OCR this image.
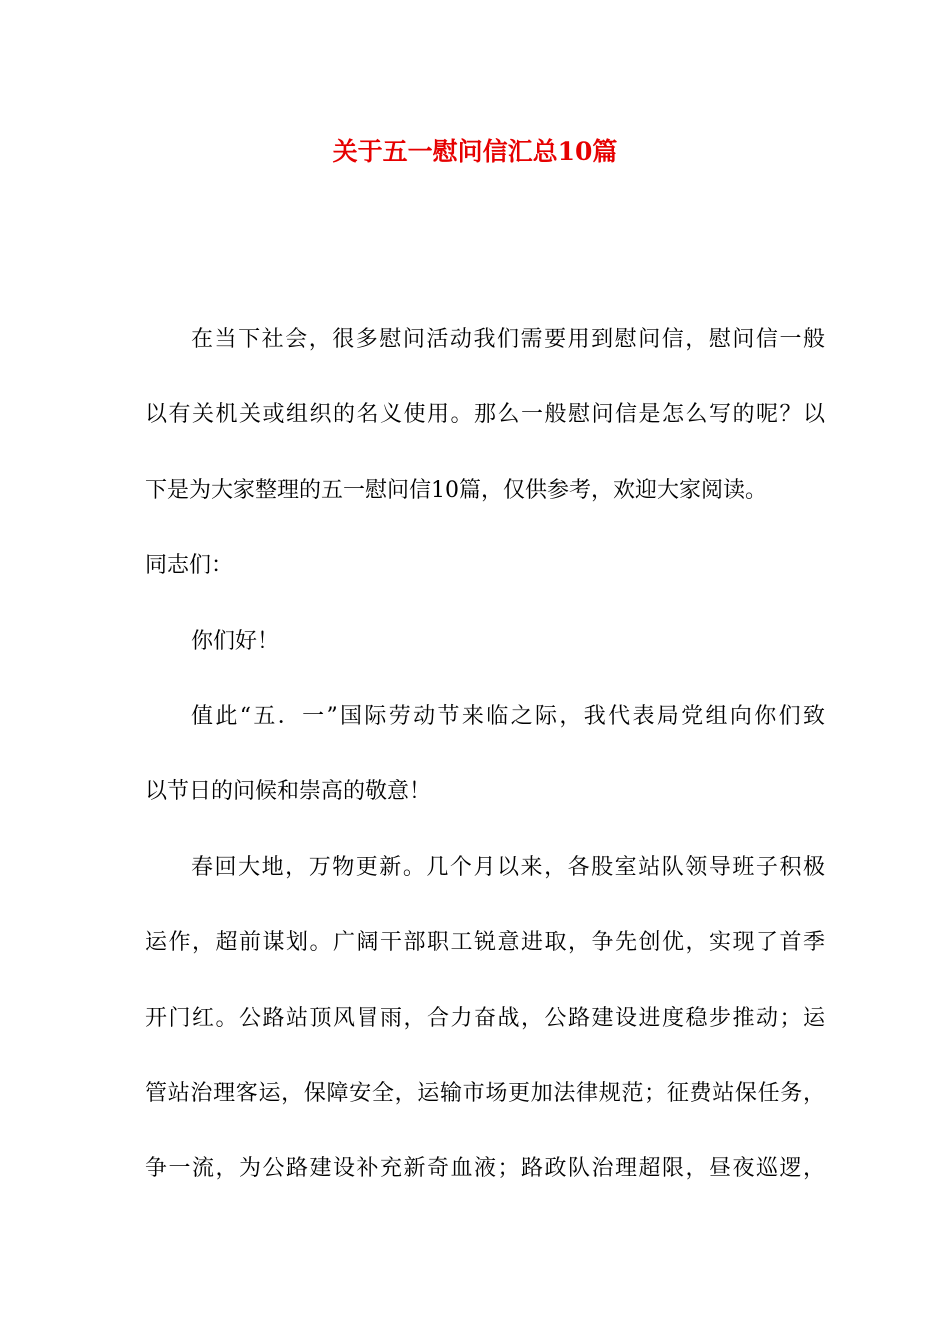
关于五一慰问信汇总10篇
在当下社会，很多慰问活动我们需要用到慰问信，慰问信一般
以有关机关或组织的名义使用。那么一般慰问信是怎么写的呢？以
下是为大家整理的五一慰问信10篇，仅供参考，欢迎大家阅读。
同志们：
你们好！
值此“五．一”国际劳动节来临之际，我代表局党组向你们致
以节日的问候和崇高的敬意！
春回大地，万物更新。几个月以来，各股室站队领导班子积极
运作，超前谋划。广阔干部职工锐意进取，争先创优，实现了首季
开门红。公路站顶风冒雨，合力奋战，公路建设进度稳步推动；运
管站治理客运，保障安全，运输市场更加法律规范；征费站保任务，
争一流，为公路建设补充新奇血液；路政队治理超限，昼夜巡逻，
